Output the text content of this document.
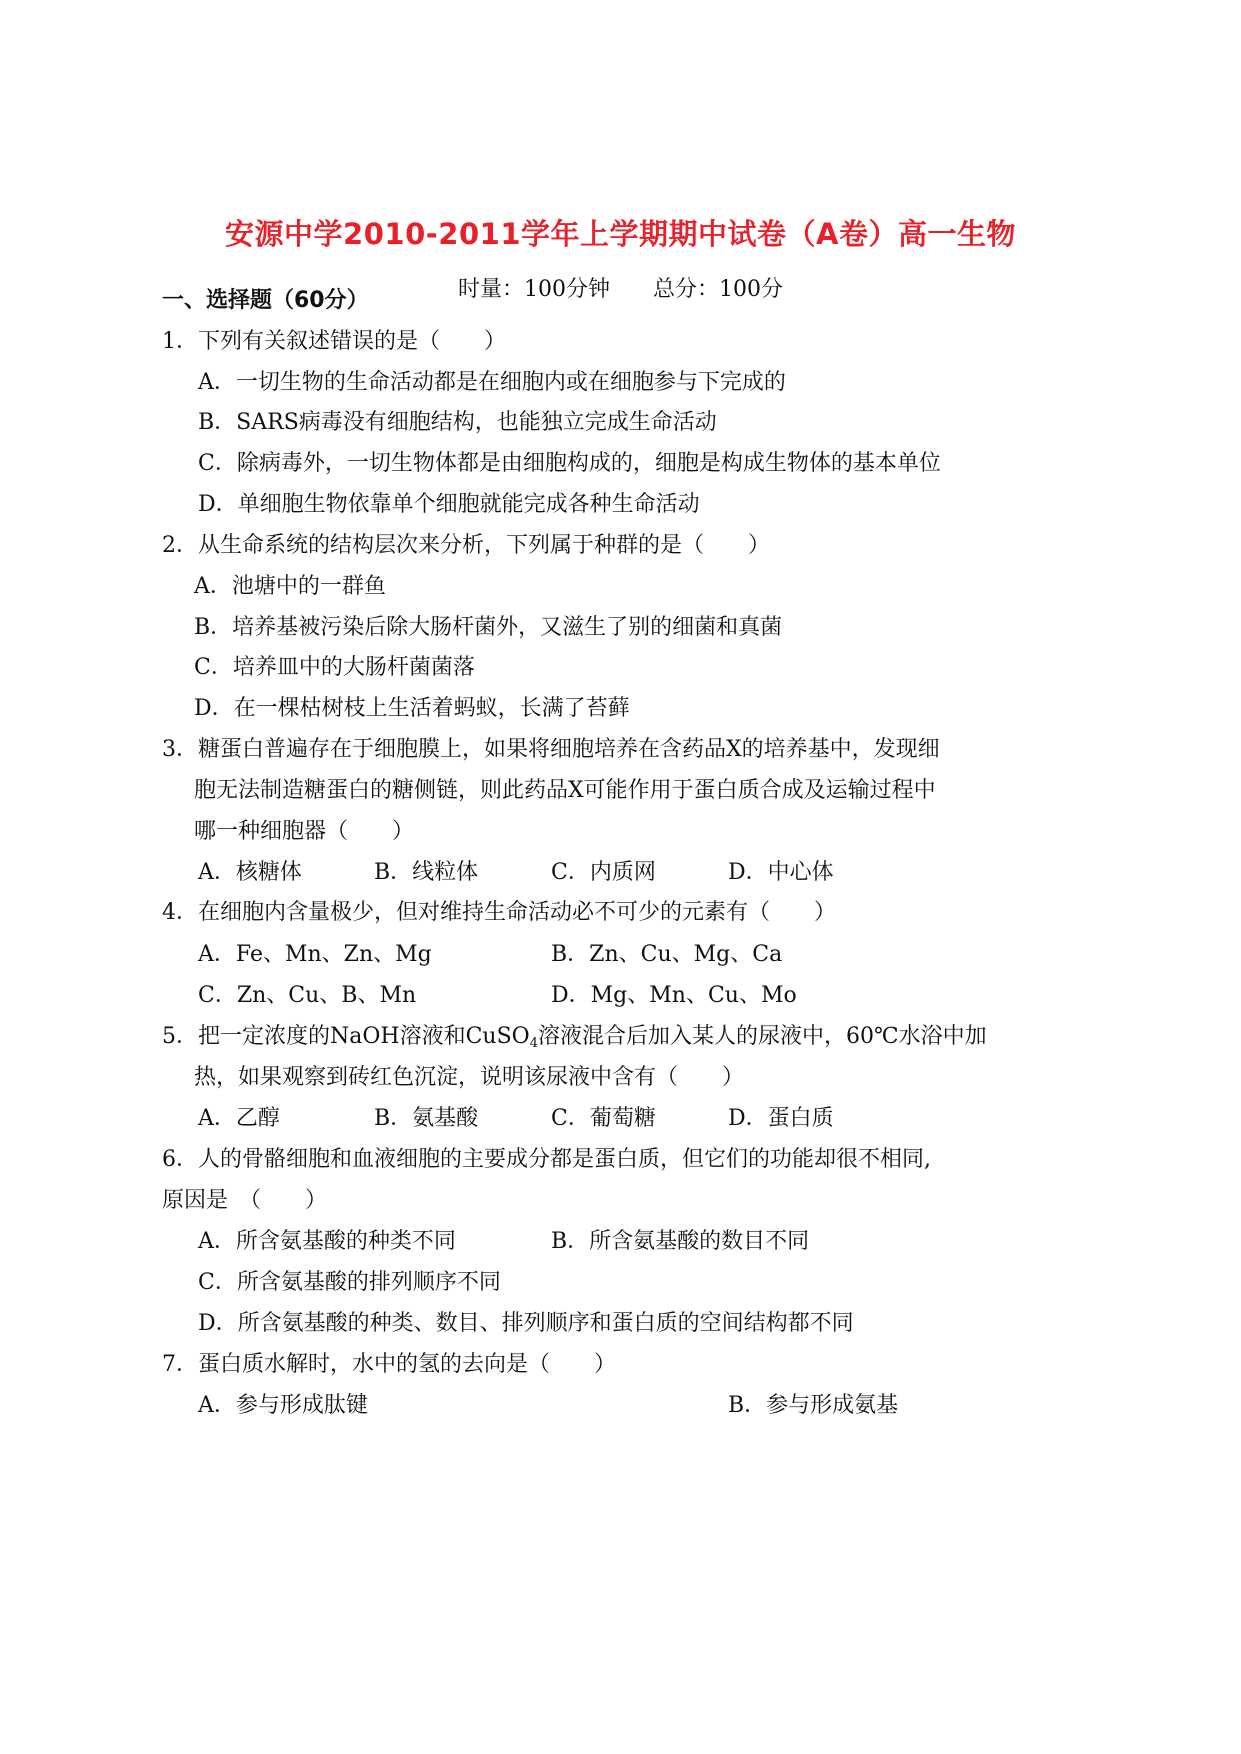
安源中学2010-2011学年上学期期中试卷（A卷）高一生物
时量：100分钟 总分：100分
一、选择题（60分）
1．下列有关叙述错误的是（　　）
A．一切生物的生命活动都是在细胞内或在细胞参与下完成的
B．SARS病毒没有细胞结构，也能独立完成生命活动
C．除病毒外，一切生物体都是由细胞构成的，细胞是构成生物体的基本单位
D．单细胞生物依靠单个细胞就能完成各种生命活动
2．从生命系统的结构层次来分析，下列属于种群的是（　　）
A．池塘中的一群鱼
B．培养基被污染后除大肠杆菌外，又滋生了别的细菌和真菌
C．培养皿中的大肠杆菌菌落
D．在一棵枯树枝上生活着蚂蚁，长满了苔藓
3．糖蛋白普遍存在于细胞膜上，如果将细胞培养在含药品X的培养基中，发现细
胞无法制造糖蛋白的糖侧链，则此药品X可能作用于蛋白质合成及运输过程中
哪一种细胞器（　　）
A．核糖体	B．线粒体	C．内质网	D．中心体
4．在细胞内含量极少，但对维持生命活动必不可少的元素有（　　）
A．Fe、Mn、Zn、Mg	B．Zn、Cu、Mg、Ca
C．Zn、Cu、B、Mn	D．Mg、Mn、Cu、Mo
5．把一定浓度的NaOH溶液和CuSO$_4$溶液混合后加入某人的尿液中，60℃水浴中加
热，如果观察到砖红色沉淀，说明该尿液中含有（　　）
A．乙醇	B．氨基酸	C．葡萄糖	D．蛋白质
6．人的骨骼细胞和血液细胞的主要成分都是蛋白质，但它们的功能却很不相同,
原因是　（　　）
A．所含氨基酸的种类不同	B．所含氨基酸的数目不同
C．所含氨基酸的排列顺序不同
D．所含氨基酸的种类、数目、排列顺序和蛋白质的空间结构都不同
7．蛋白质水解时，水中的氢的去向是（　　）
A．参与形成肽键	B．参与形成氨基
